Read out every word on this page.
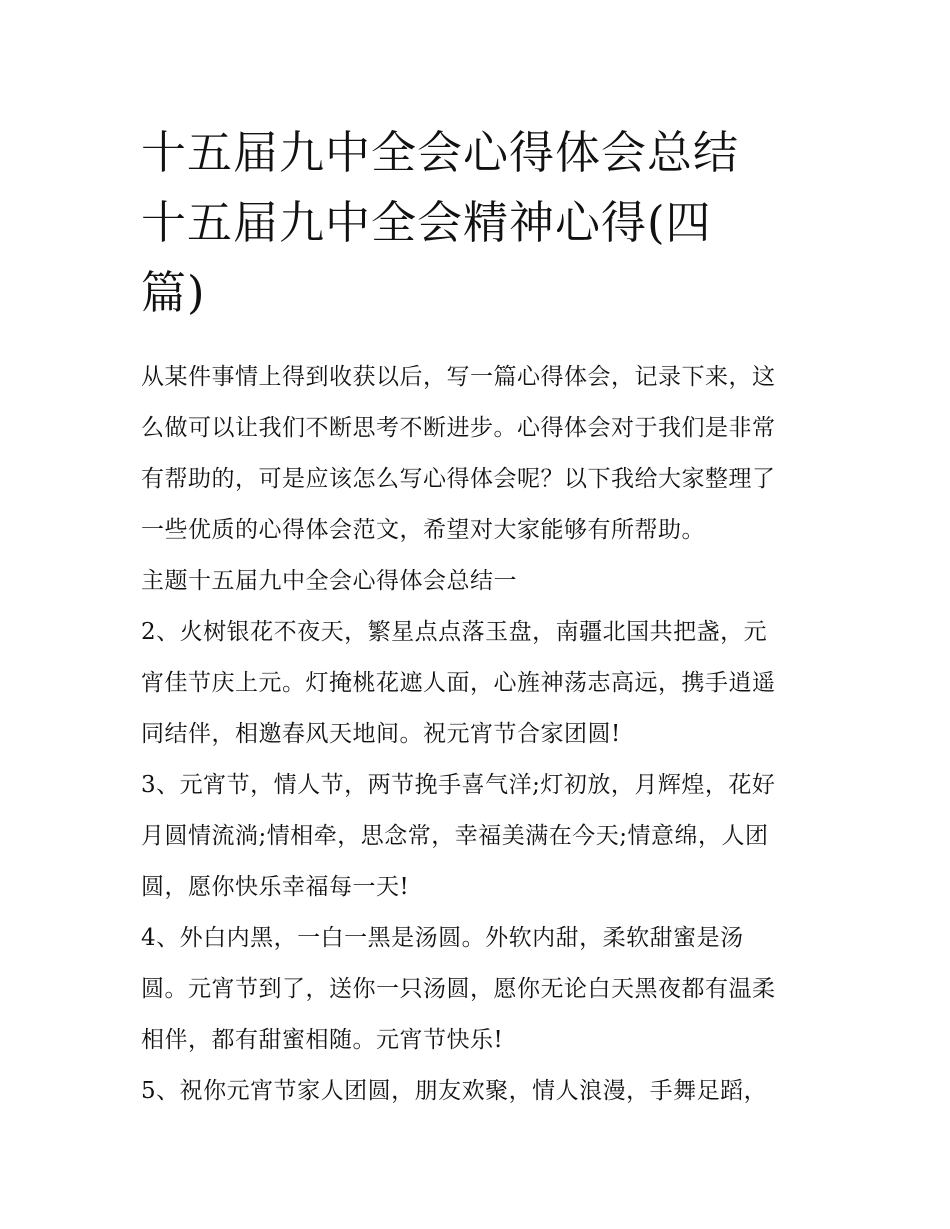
十五届九中全会心得体会总结
十五届九中全会精神心得(四
篇)

从某件事情上得到收获以后，写一篇心得体会，记录下来，这
么做可以让我们不断思考不断进步。心得体会对于我们是非常
有帮助的，可是应该怎么写心得体会呢？以下我给大家整理了
一些优质的心得体会范文，希望对大家能够有所帮助。

主题十五届九中全会心得体会总结一

2、火树银花不夜天，繁星点点落玉盘，南疆北国共把盏，元
宵佳节庆上元。灯掩桃花遮人面，心旌神荡志高远，携手逍遥
同结伴，相邀春风天地间。祝元宵节合家团圆!

3、元宵节，情人节，两节挽手喜气洋;灯初放，月辉煌，花好
月圆情流淌;情相牵，思念常，幸福美满在今天;情意绵，人团
圆，愿你快乐幸福每一天!

4、外白内黑，一白一黑是汤圆。外软内甜，柔软甜蜜是汤
圆。元宵节到了，送你一只汤圆，愿你无论白天黑夜都有温柔
相伴，都有甜蜜相随。元宵节快乐!

5、祝你元宵节家人团圆，朋友欢聚，情人浪漫，手舞足蹈，
